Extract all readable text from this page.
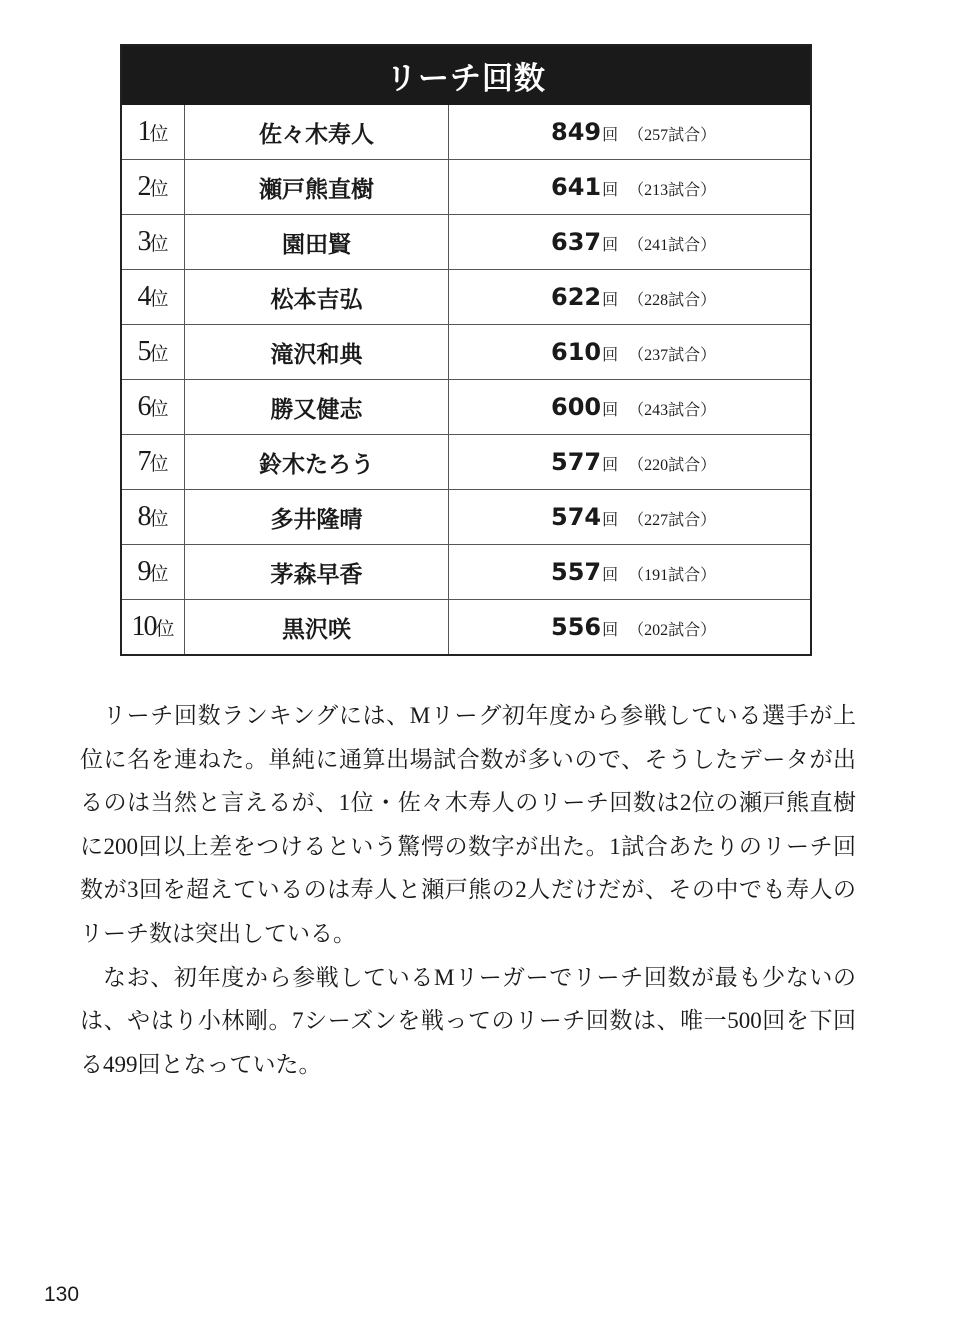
リーチ回数
1 位	佐々木寿人	849 回 （257試合）
2 位	瀬戸熊直樹	641 回 （213試合）
3 位	園田賢	637 回 （241試合）
4 位	松本吉弘	622 回 （228試合）
5 位	滝沢和典	610 回 （237試合）
6 位	勝又健志	600 回 （243試合）
7 位	鈴木たろう	577 回 （220試合）
8 位	多井隆晴	574 回 （227試合）
9 位	茅森早香	557 回 （191試合）
10 位	黒沢咲	556 回 （202試合）

リーチ回数ランキングには、Mリーグ初年度から参戦している選手が上位に名を連ねた。単純に通算出場試合数が多いので、そうしたデータが出るのは当然と言えるが、1位・佐々木寿人のリーチ回数は2位の瀬戸熊直樹に200回以上差をつけるという驚愕の数字が出た。1試合あたりのリーチ回数が3回を超えているのは寿人と瀬戸熊の2人だけだが、その中でも寿人のリーチ数は突出している。

なお、初年度から参戦しているMリーガーでリーチ回数が最も少ないのは、やはり小林剛。7シーズンを戦ってのリーチ回数は、唯一500回を下回る499回となっていた。

130
